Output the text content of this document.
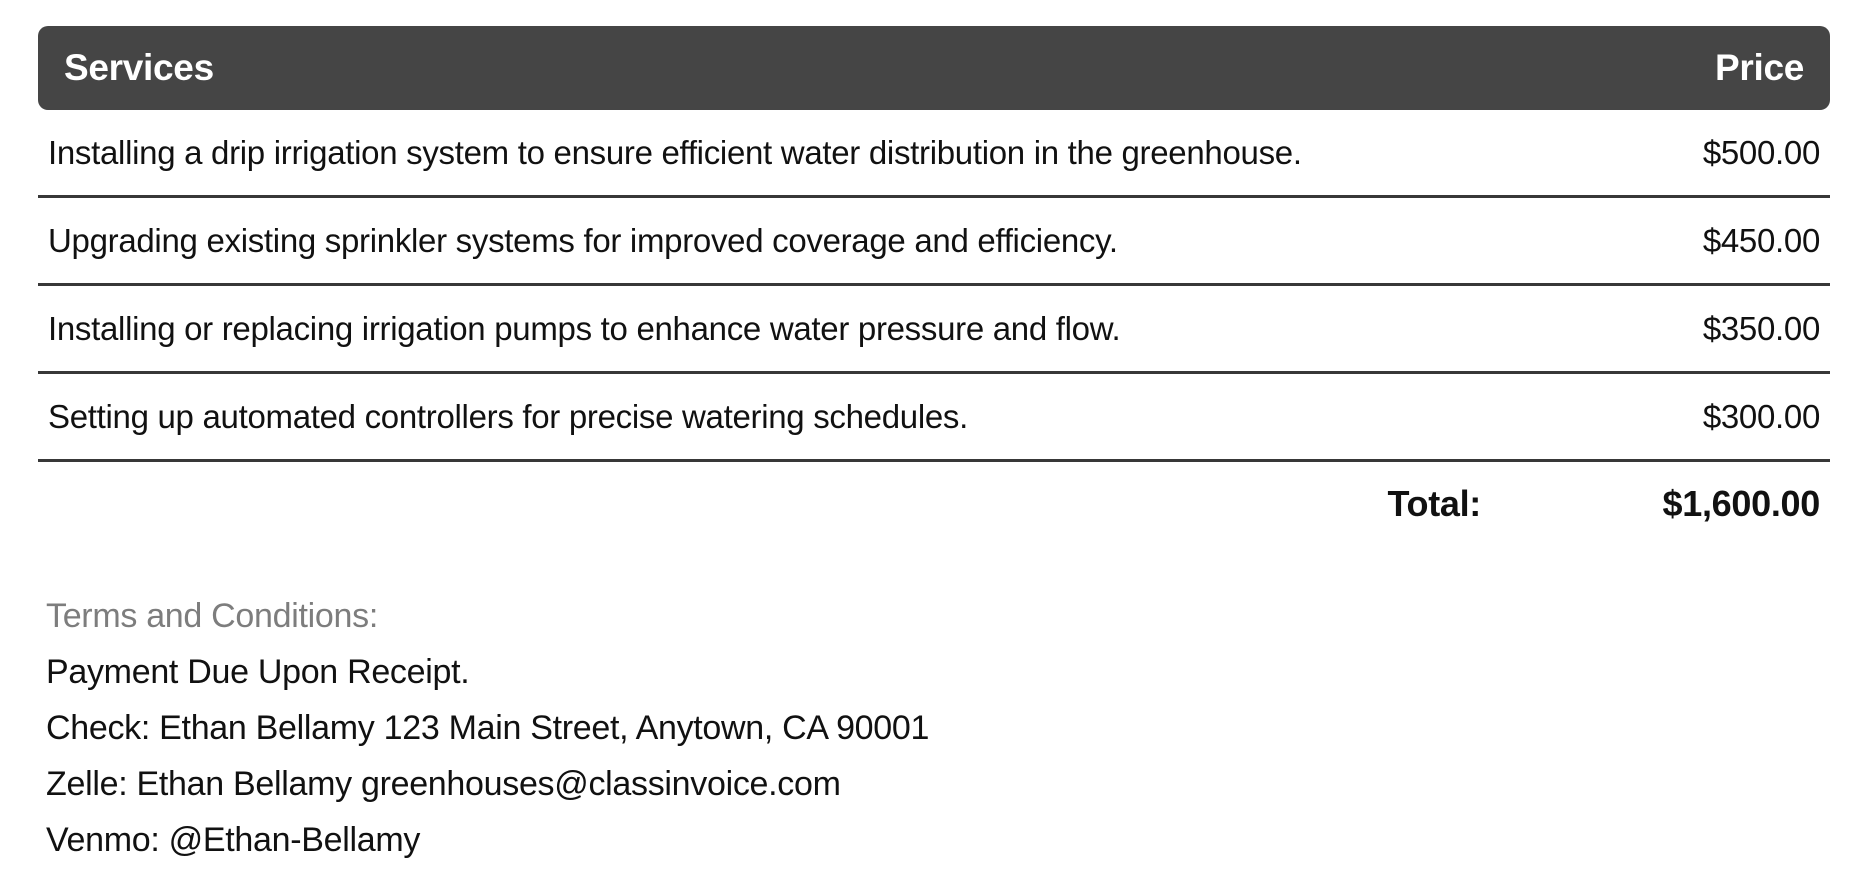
Services	Price
Installing a drip irrigation system to ensure efficient water distribution in the greenhouse.	$500.00
Upgrading existing sprinkler systems for improved coverage and efficiency.	$450.00
Installing or replacing irrigation pumps to enhance water pressure and flow.	$350.00
Setting up automated controllers for precise watering schedules.	$300.00
Total:	$1,600.00
Terms and Conditions:
Payment Due Upon Receipt.
Check: Ethan Bellamy 123 Main Street, Anytown, CA 90001
Zelle: Ethan Bellamy greenhouses@classinvoice.com
Venmo: @Ethan-Bellamy
